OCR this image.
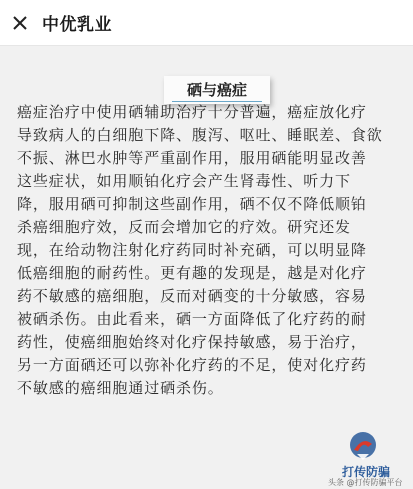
中优乳业
硒与癌症
癌症治疗中使用硒辅助治疗十分普遍，癌症放化疗
导致病人的白细胞下降、腹泻、呕吐、睡眠差、食欲
不振、淋巴水肿等严重副作用，服用硒能明显改善
这些症状，如用顺铂化疗会产生肾毒性、听力下
降，服用硒可抑制这些副作用，硒不仅不降低顺铂
杀癌细胞疗效，反而会增加它的疗效。研究还发
现，在给动物注射化疗药同时补充硒，可以明显降
低癌细胞的耐药性。更有趣的发现是，越是对化疗
药不敏感的癌细胞，反而对硒变的十分敏感，容易
被硒杀伤。由此看来，硒一方面降低了化疗药的耐
药性，使癌细胞始终对化疗保持敏感，易于治疗，
另一方面硒还可以弥补化疗药的不足，使对化疗药
不敏感的癌细胞通过硒杀伤。
打传防骗
头条 @打传防骗平台
